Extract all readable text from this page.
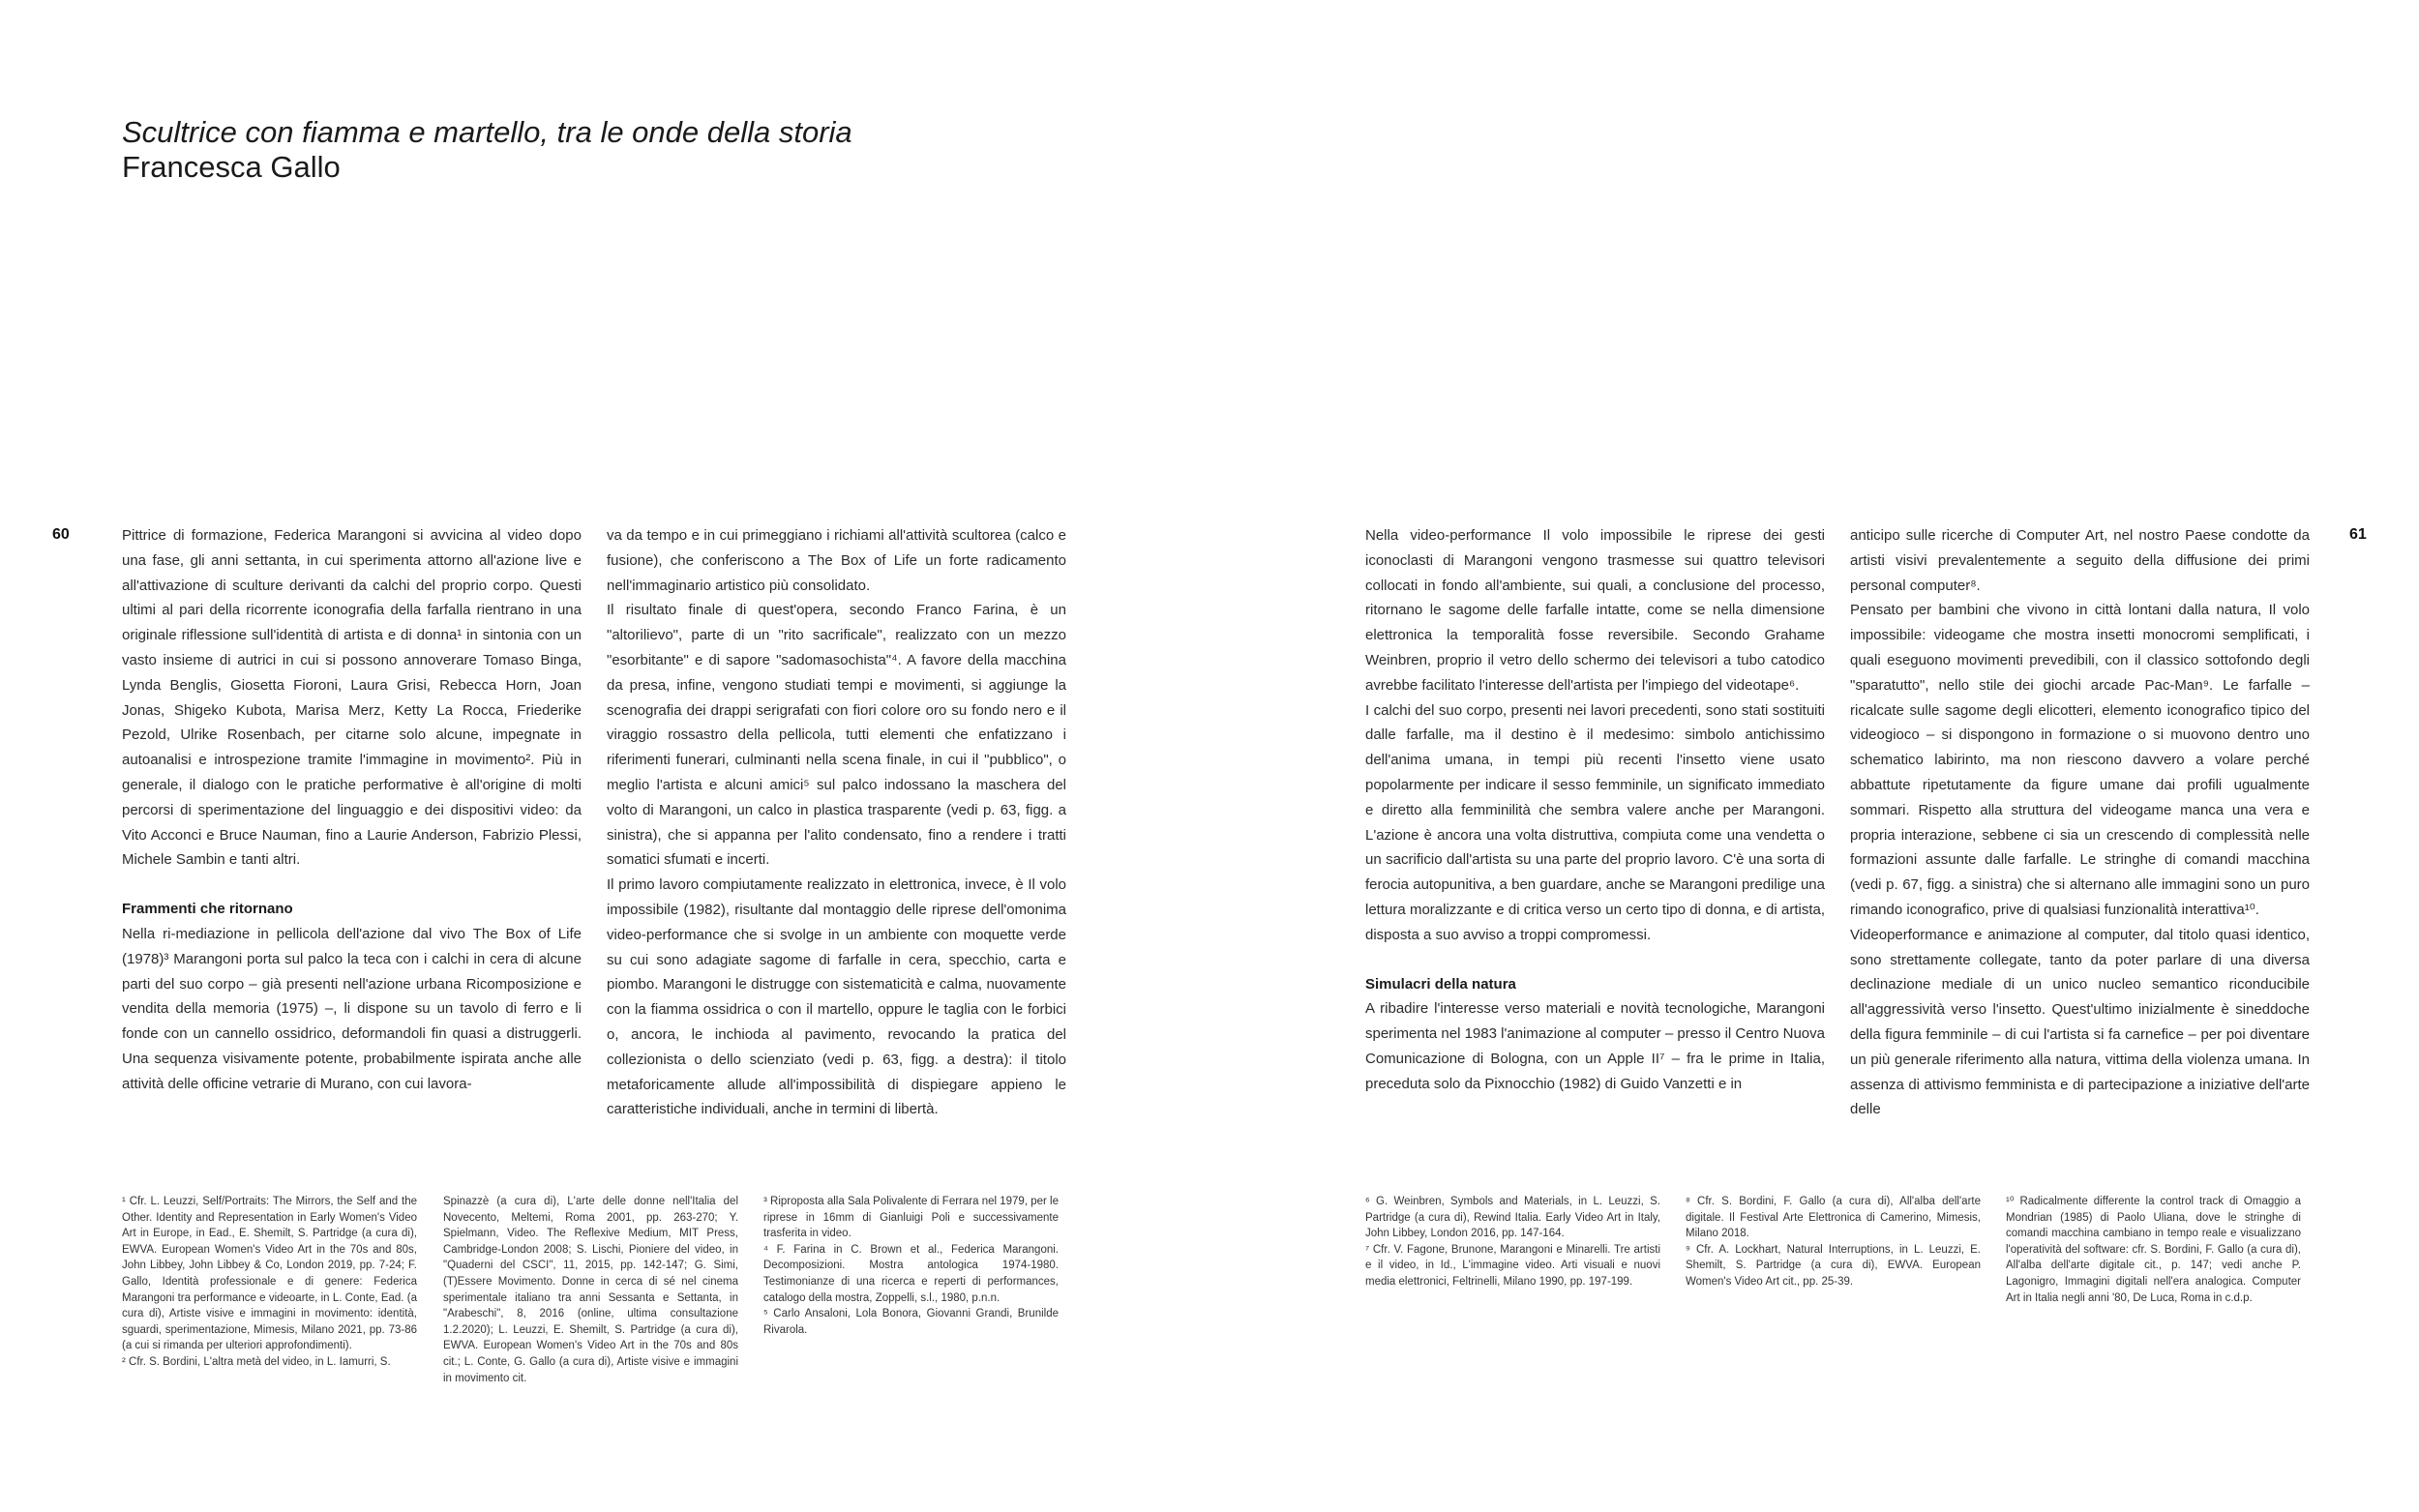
Scultrice con fiamma e martello, tra le onde della storia
Francesca Gallo
60	61

Pittrice di formazione, Federica Marangoni si avvicina al video dopo una fase, gli anni settanta, in cui sperimenta attorno all'azione live e all'attivazione di sculture derivanti da calchi del proprio corpo. Questi ultimi al pari della ricorrente iconografia della farfalla rientrano in una originale riflessione sull'identità di artista e di donna¹ in sintonia con un vasto insieme di autrici in cui si possono annoverare Tomaso Binga, Lynda Benglis, Giosetta Fioroni, Laura Grisi, Rebecca Horn, Joan Jonas, Shigeko Kubota, Marisa Merz, Ketty La Rocca, Friederike Pezold, Ulrike Rosenbach, per citarne solo alcune, impegnate in autoanalisi e introspezione tramite l'immagine in movimento². Più in generale, il dialogo con le pratiche performative è all'origine di molti percorsi di sperimentazione del linguaggio e dei dispositivi video: da Vito Acconci e Bruce Nauman, fino a Laurie Anderson, Fabrizio Plessi, Michele Sambin e tanti altri.

Frammenti che ritornano

Nella ri-mediazione in pellicola dell'azione dal vivo The Box of Life (1978)³ Marangoni porta sul palco la teca con i calchi in cera di alcune parti del suo corpo – già presenti nell'azione urbana Ricomposizione e vendita della memoria (1975) –, li dispone su un tavolo di ferro e li fonde con un cannello ossidrico, deformandoli fin quasi a distruggerli. Una sequenza visivamente potente, probabilmente ispirata anche alle attività delle officine vetrarie di Murano, con cui lavora-

va da tempo e in cui primeggiano i richiami all'attività scultorea (calco e fusione), che conferiscono a The Box of Life un forte radicamento nell'immaginario artistico più consolidato.

Il risultato finale di quest'opera, secondo Franco Farina, è un "altorilievo", parte di un "rito sacrificale", realizzato con un mezzo "esorbitante" e di sapore "sadomasochista"⁴. A favore della macchina da presa, infine, vengono studiati tempi e movimenti, si aggiunge la scenografia dei drappi serigrafati con fiori colore oro su fondo nero e il viraggio rossastro della pellicola, tutti elementi che enfatizzano i riferimenti funerari, culminanti nella scena finale, in cui il "pubblico", o meglio l'artista e alcuni amici⁵ sul palco indossano la maschera del volto di Marangoni, un calco in plastica trasparente (vedi p. 63, figg. a sinistra), che si appanna per l'alito condensato, fino a rendere i tratti somatici sfumati e incerti.

Il primo lavoro compiutamente realizzato in elettronica, invece, è Il volo impossibile (1982), risultante dal montaggio delle riprese dell'omonima video-performance che si svolge in un ambiente con moquette verde su cui sono adagiate sagome di farfalle in cera, specchio, carta e piombo. Marangoni le distrugge con sistematicità e calma, nuovamente con la fiamma ossidrica o con il martello, oppure le taglia con le forbici o, ancora, le inchioda al pavimento, revocando la pratica del collezionista o dello scienziato (vedi p. 63, figg. a destra): il titolo metaforicamente allude all'impossibilità di dispiegare appieno le caratteristiche individuali, anche in termini di libertà.

Nella video-performance Il volo impossibile le riprese dei gesti iconoclasti di Marangoni vengono trasmesse sui quattro televisori collocati in fondo all'ambiente, sui quali, a conclusione del processo, ritornano le sagome delle farfalle intatte, come se nella dimensione elettronica la temporalità fosse reversibile. Secondo Grahame Weinbren, proprio il vetro dello schermo dei televisori a tubo catodico avrebbe facilitato l'interesse dell'artista per l'impiego del videotape⁶.

I calchi del suo corpo, presenti nei lavori precedenti, sono stati sostituiti dalle farfalle, ma il destino è il medesimo: simbolo antichissimo dell'anima umana, in tempi più recenti l'insetto viene usato popolarmente per indicare il sesso femminile, un significato immediato e diretto alla femminilità che sembra valere anche per Marangoni. L'azione è ancora una volta distruttiva, compiuta come una vendetta o un sacrificio dall'artista su una parte del proprio lavoro. C'è una sorta di ferocia autopunitiva, a ben guardare, anche se Marangoni predilige una lettura moralizzante e di critica verso un certo tipo di donna, e di artista, disposta a suo avviso a troppi compromessi.

Simulacri della natura

A ribadire l'interesse verso materiali e novità tecnologiche, Marangoni sperimenta nel 1983 l'animazione al computer – presso il Centro Nuova Comunicazione di Bologna, con un Apple II⁷ – fra le prime in Italia, preceduta solo da Pixnocchio (1982) di Guido Vanzetti e in

anticipo sulle ricerche di Computer Art, nel nostro Paese condotte da artisti visivi prevalentemente a seguito della diffusione dei primi personal computer⁸.

Pensato per bambini che vivono in città lontani dalla natura, Il volo impossibile: videogame che mostra insetti monocromi semplificati, i quali eseguono movimenti prevedibili, con il classico sottofondo degli "sparatutto", nello stile dei giochi arcade Pac-Man⁹. Le farfalle – ricalcate sulle sagome degli elicotteri, elemento iconografico tipico del videogioco – si dispongono in formazione o si muovono dentro uno schematico labirinto, ma non riescono davvero a volare perché abbattute ripetutamente da figure umane dai profili ugualmente sommari. Rispetto alla struttura del videogame manca una vera e propria interazione, sebbene ci sia un crescendo di complessità nelle formazioni assunte dalle farfalle. Le stringhe di comandi macchina (vedi p. 67, figg. a sinistra) che si alternano alle immagini sono un puro rimando iconografico, prive di qualsiasi funzionalità interattiva¹⁰.

Videoperformance e animazione al computer, dal titolo quasi identico, sono strettamente collegate, tanto da poter parlare di una diversa declinazione mediale di un unico nucleo semantico riconducibile all'aggressività verso l'insetto. Quest'ultimo inizialmente è sineddoche della figura femminile – di cui l'artista si fa carnefice – per poi diventare un più generale riferimento alla natura, vittima della violenza umana. In assenza di attivismo femminista e di partecipazione a iniziative dell'arte delle

¹ Cfr. L. Leuzzi, Self/Portraits: The Mirrors, the Self and the Other. Identity and Representation in Early Women's Video Art in Europe, in Ead., E. Shemilt, S. Partridge (a cura di), EWVA. European Women's Video Art in the 70s and 80s, John Libbey, John Libbey & Co, London 2019, pp. 7-24; F. Gallo, Identità professionale e di genere: Federica Marangoni tra performance e videoarte, in L. Conte, Ead. (a cura di), Artiste visive e immagini in movimento: identità, sguardi, sperimentazione, Mimesis, Milano 2021, pp. 73-86 (a cui si rimanda per ulteriori approfondimenti).

² Cfr. S. Bordini, L'altra metà del video, in L. Iamurri, S.

Spinazzè (a cura di), L'arte delle donne nell'Italia del Novecento, Meltemi, Roma 2001, pp. 263-270; Y. Spielmann, Video. The Reflexive Medium, MIT Press, Cambridge-London 2008; S. Lischi, Pioniere del video, in "Quaderni del CSCI", 11, 2015, pp. 142-147; G. Simi, (T)Essere Movimento. Donne in cerca di sé nel cinema sperimentale italiano tra anni Sessanta e Settanta, in "Arabeschi", 8, 2016 (online, ultima consultazione 1.2.2020); L. Leuzzi, E. Shemilt, S. Partridge (a cura di), EWVA. European Women's Video Art in the 70s and 80s cit.; L. Conte, G. Gallo (a cura di), Artiste visive e immagini in movimento cit.

³ Riproposta alla Sala Polivalente di Ferrara nel 1979, per le riprese in 16mm di Gianluigi Poli e successivamente trasferita in video.

⁴ F. Farina in C. Brown et al., Federica Marangoni. Decomposizioni. Mostra antologica 1974-1980. Testimonianze di una ricerca e reperti di performances, catalogo della mostra, Zoppelli, s.l., 1980, p.n.n.

⁵ Carlo Ansaloni, Lola Bonora, Giovanni Grandi, Brunilde Rivarola.

⁶ G. Weinbren, Symbols and Materials, in L. Leuzzi, S. Partridge (a cura di), Rewind Italia. Early Video Art in Italy, John Libbey, London 2016, pp. 147-164.

⁷ Cfr. V. Fagone, Brunone, Marangoni e Minarelli. Tre artisti e il video, in Id., L'immagine video. Arti visuali e nuovi media elettronici, Feltrinelli, Milano 1990, pp. 197-199.

⁸ Cfr. S. Bordini, F. Gallo (a cura di), All'alba dell'arte digitale. Il Festival Arte Elettronica di Camerino, Mimesis, Milano 2018.

⁹ Cfr. A. Lockhart, Natural Interruptions, in L. Leuzzi, E. Shemilt, S. Partridge (a cura di), EWVA. European Women's Video Art cit., pp. 25-39.

¹⁰ Radicalmente differente la control track di Omaggio a Mondrian (1985) di Paolo Uliana, dove le stringhe di comandi macchina cambiano in tempo reale e visualizzano l'operatività del software: cfr. S. Bordini, F. Gallo (a cura di), All'alba dell'arte digitale cit., p. 147; vedi anche P. Lagonigro, Immagini digitali nell'era analogica. Computer Art in Italia negli anni '80, De Luca, Roma in c.d.p.
